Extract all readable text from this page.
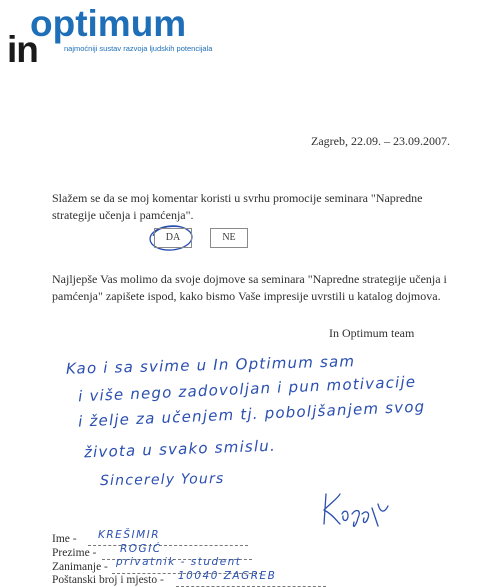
in
optimum
najmoćniji sustav razvoja ljudskih potencijala
Zagreb, 22.09. – 23.09.2007.
Slažem se da se moj komentar koristi u svrhu promocije seminara "Napredne strategije učenja i pamćenja".
DA	NE
Najljepše Vas molimo da svoje dojmove sa seminara "Napredne strategije učenja i pamćenja" zapišete ispod, kako bismo Vaše impresije uvrstili u katalog dojmova.
In Optimum team
Kao i sa svime u In Optimum sam
i više nego zadovoljan i pun motivacije
i želje za učenjem tj. poboljšanjem svog
života u svako smislu.
Sincerely Yours
Ime - KREŠIMIR
Prezime - ROGIĆ
Zanimanje - privatnik - student
Poštanski broj i mjesto - 10040 ZAGREB
